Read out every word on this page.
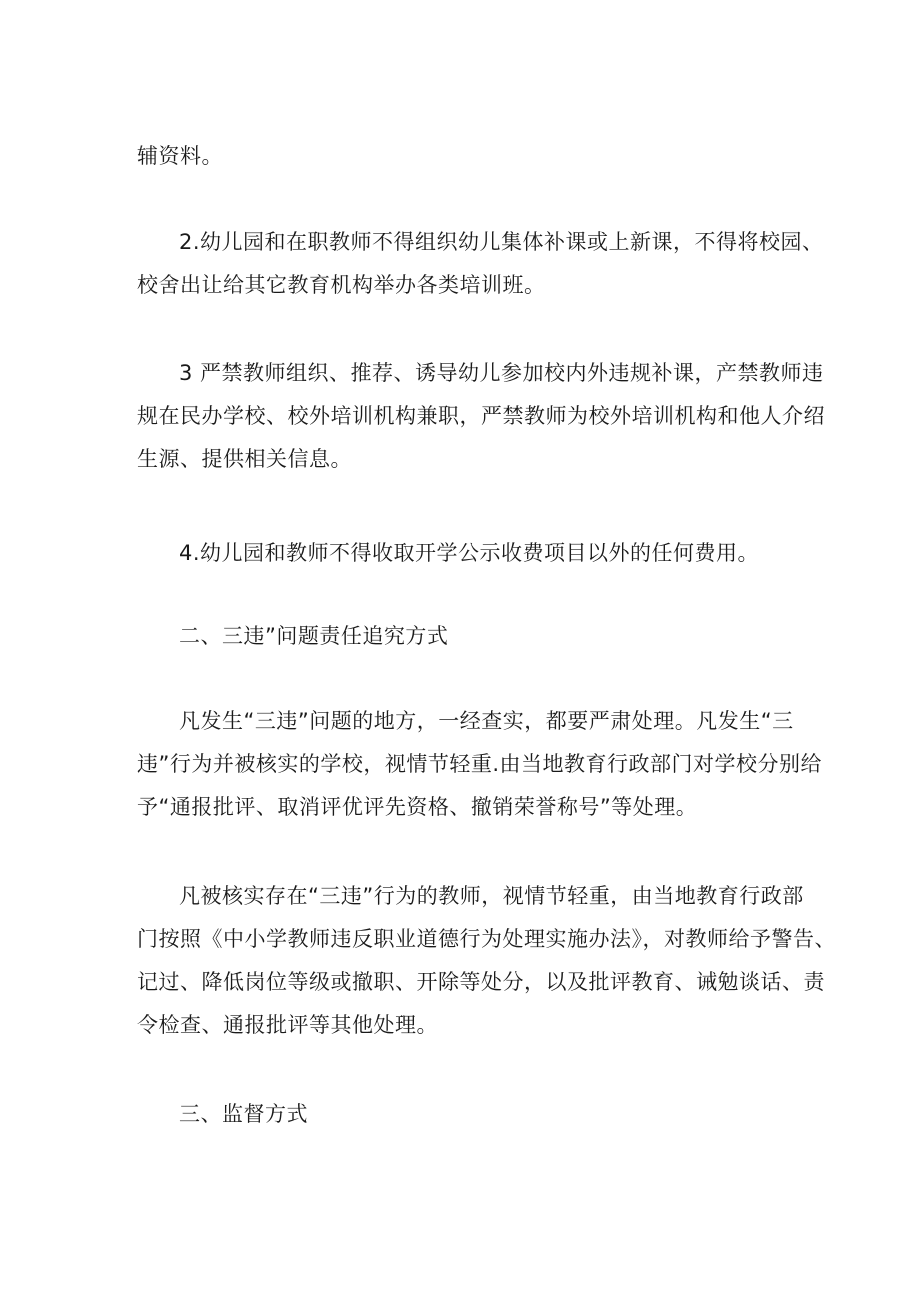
辅资料。

2.幼儿园和在职教师不得组织幼儿集体补课或上新课，不得将校园、
校舍出让给其它教育机构举办各类培训班。

3 严禁教师组织、推荐、诱导幼儿参加校内外违规补课，产禁教师违
规在民办学校、校外培训机构兼职，严禁教师为校外培训机构和他人介绍
生源、提供相关信息。

4.幼儿园和教师不得收取开学公示收费项目以外的任何费用。

二、三违”问题责任追究方式

凡发生“三违”问题的地方，一经查实，都要严肃处理。凡发生“三
违”行为并被核实的学校，视情节轻重.由当地教育行政部门对学校分别给
予“通报批评、取消评优评先资格、撤销荣誉称号”等处理。

凡被核实存在“三违”行为的教师，视情节轻重，由当地教育行政部
门按照《中小学教师违反职业道德行为处理实施办法》，对教师给予警告、
记过、降低岗位等级或撤职、开除等处分，以及批评教育、诫勉谈话、责
令检查、通报批评等其他处理。

三、监督方式
